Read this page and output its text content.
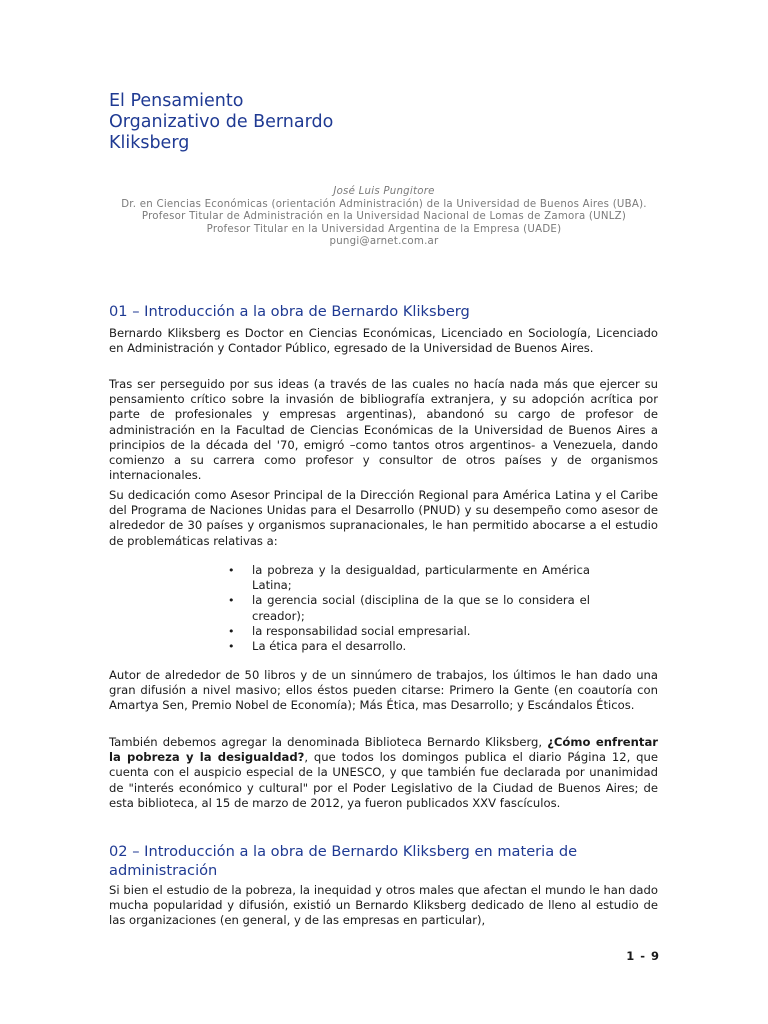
El Pensamiento
Organizativo de Bernardo
Kliksberg
José Luis Pungitore
Dr. en Ciencias Económicas (orientación Administración) de la Universidad de Buenos Aires (UBA).
Profesor Titular de Administración en la Universidad Nacional de Lomas de Zamora (UNLZ)
Profesor Titular en la Universidad Argentina de la Empresa (UADE)
pungi@arnet.com.ar
01 – Introducción a la obra de Bernardo Kliksberg

Bernardo Kliksberg es Doctor en Ciencias Económicas, Licenciado en Sociología, Licenciado en Administración y Contador Público, egresado de la Universidad de Buenos Aires.

Tras ser perseguido por sus ideas (a través de las cuales no hacía nada más que ejercer su pensamiento crítico sobre la invasión de bibliografía extranjera, y su adopción acrítica por parte de profesionales y empresas argentinas), abandonó su cargo de profesor de administración en la Facultad de Ciencias Económicas de la Universidad de Buenos Aires a principios de la década del '70, emigró –como tantos otros argentinos- a Venezuela, dando comienzo a su carrera como profesor y consultor de otros países y de organismos internacionales.

Su dedicación como Asesor Principal de la Dirección Regional para América Latina y el Caribe del Programa de Naciones Unidas para el Desarrollo (PNUD) y su desempeño como asesor de alrededor de 30 países y organismos supranacionales, le han permitido abocarse a el estudio de problemáticas relativas a:

• la pobreza y la desigualdad, particularmente en América Latina;
• la gerencia social (disciplina de la que se lo considera el creador);
• la responsabilidad social empresarial.
• La ética para el desarrollo.

Autor de alrededor de 50 libros y de un sinnúmero de trabajos, los últimos le han dado una gran difusión a nivel masivo; ellos éstos pueden citarse: Primero la Gente (en coautoría con Amartya Sen, Premio Nobel de Economía); Más Ética, mas Desarrollo; y Escándalos Éticos.

También debemos agregar la denominada Biblioteca Bernardo Kliksberg, ¿Cómo enfrentar la pobreza y la desigualdad?, que todos los domingos publica el diario Página 12, que cuenta con el auspicio especial de la UNESCO, y que también fue declarada por unanimidad de "interés económico y cultural" por el Poder Legislativo de la Ciudad de Buenos Aires; de esta biblioteca, al 15 de marzo de 2012, ya fueron publicados XXV fascículos.

02 – Introducción a la obra de Bernardo Kliksberg en materia de administración

Si bien el estudio de la pobreza, la inequidad y otros males que afectan el mundo le han dado mucha popularidad y difusión, existió un Bernardo Kliksberg dedicado de lleno al estudio de las organizaciones (en general, y de las empresas en particular),

1 - 9
